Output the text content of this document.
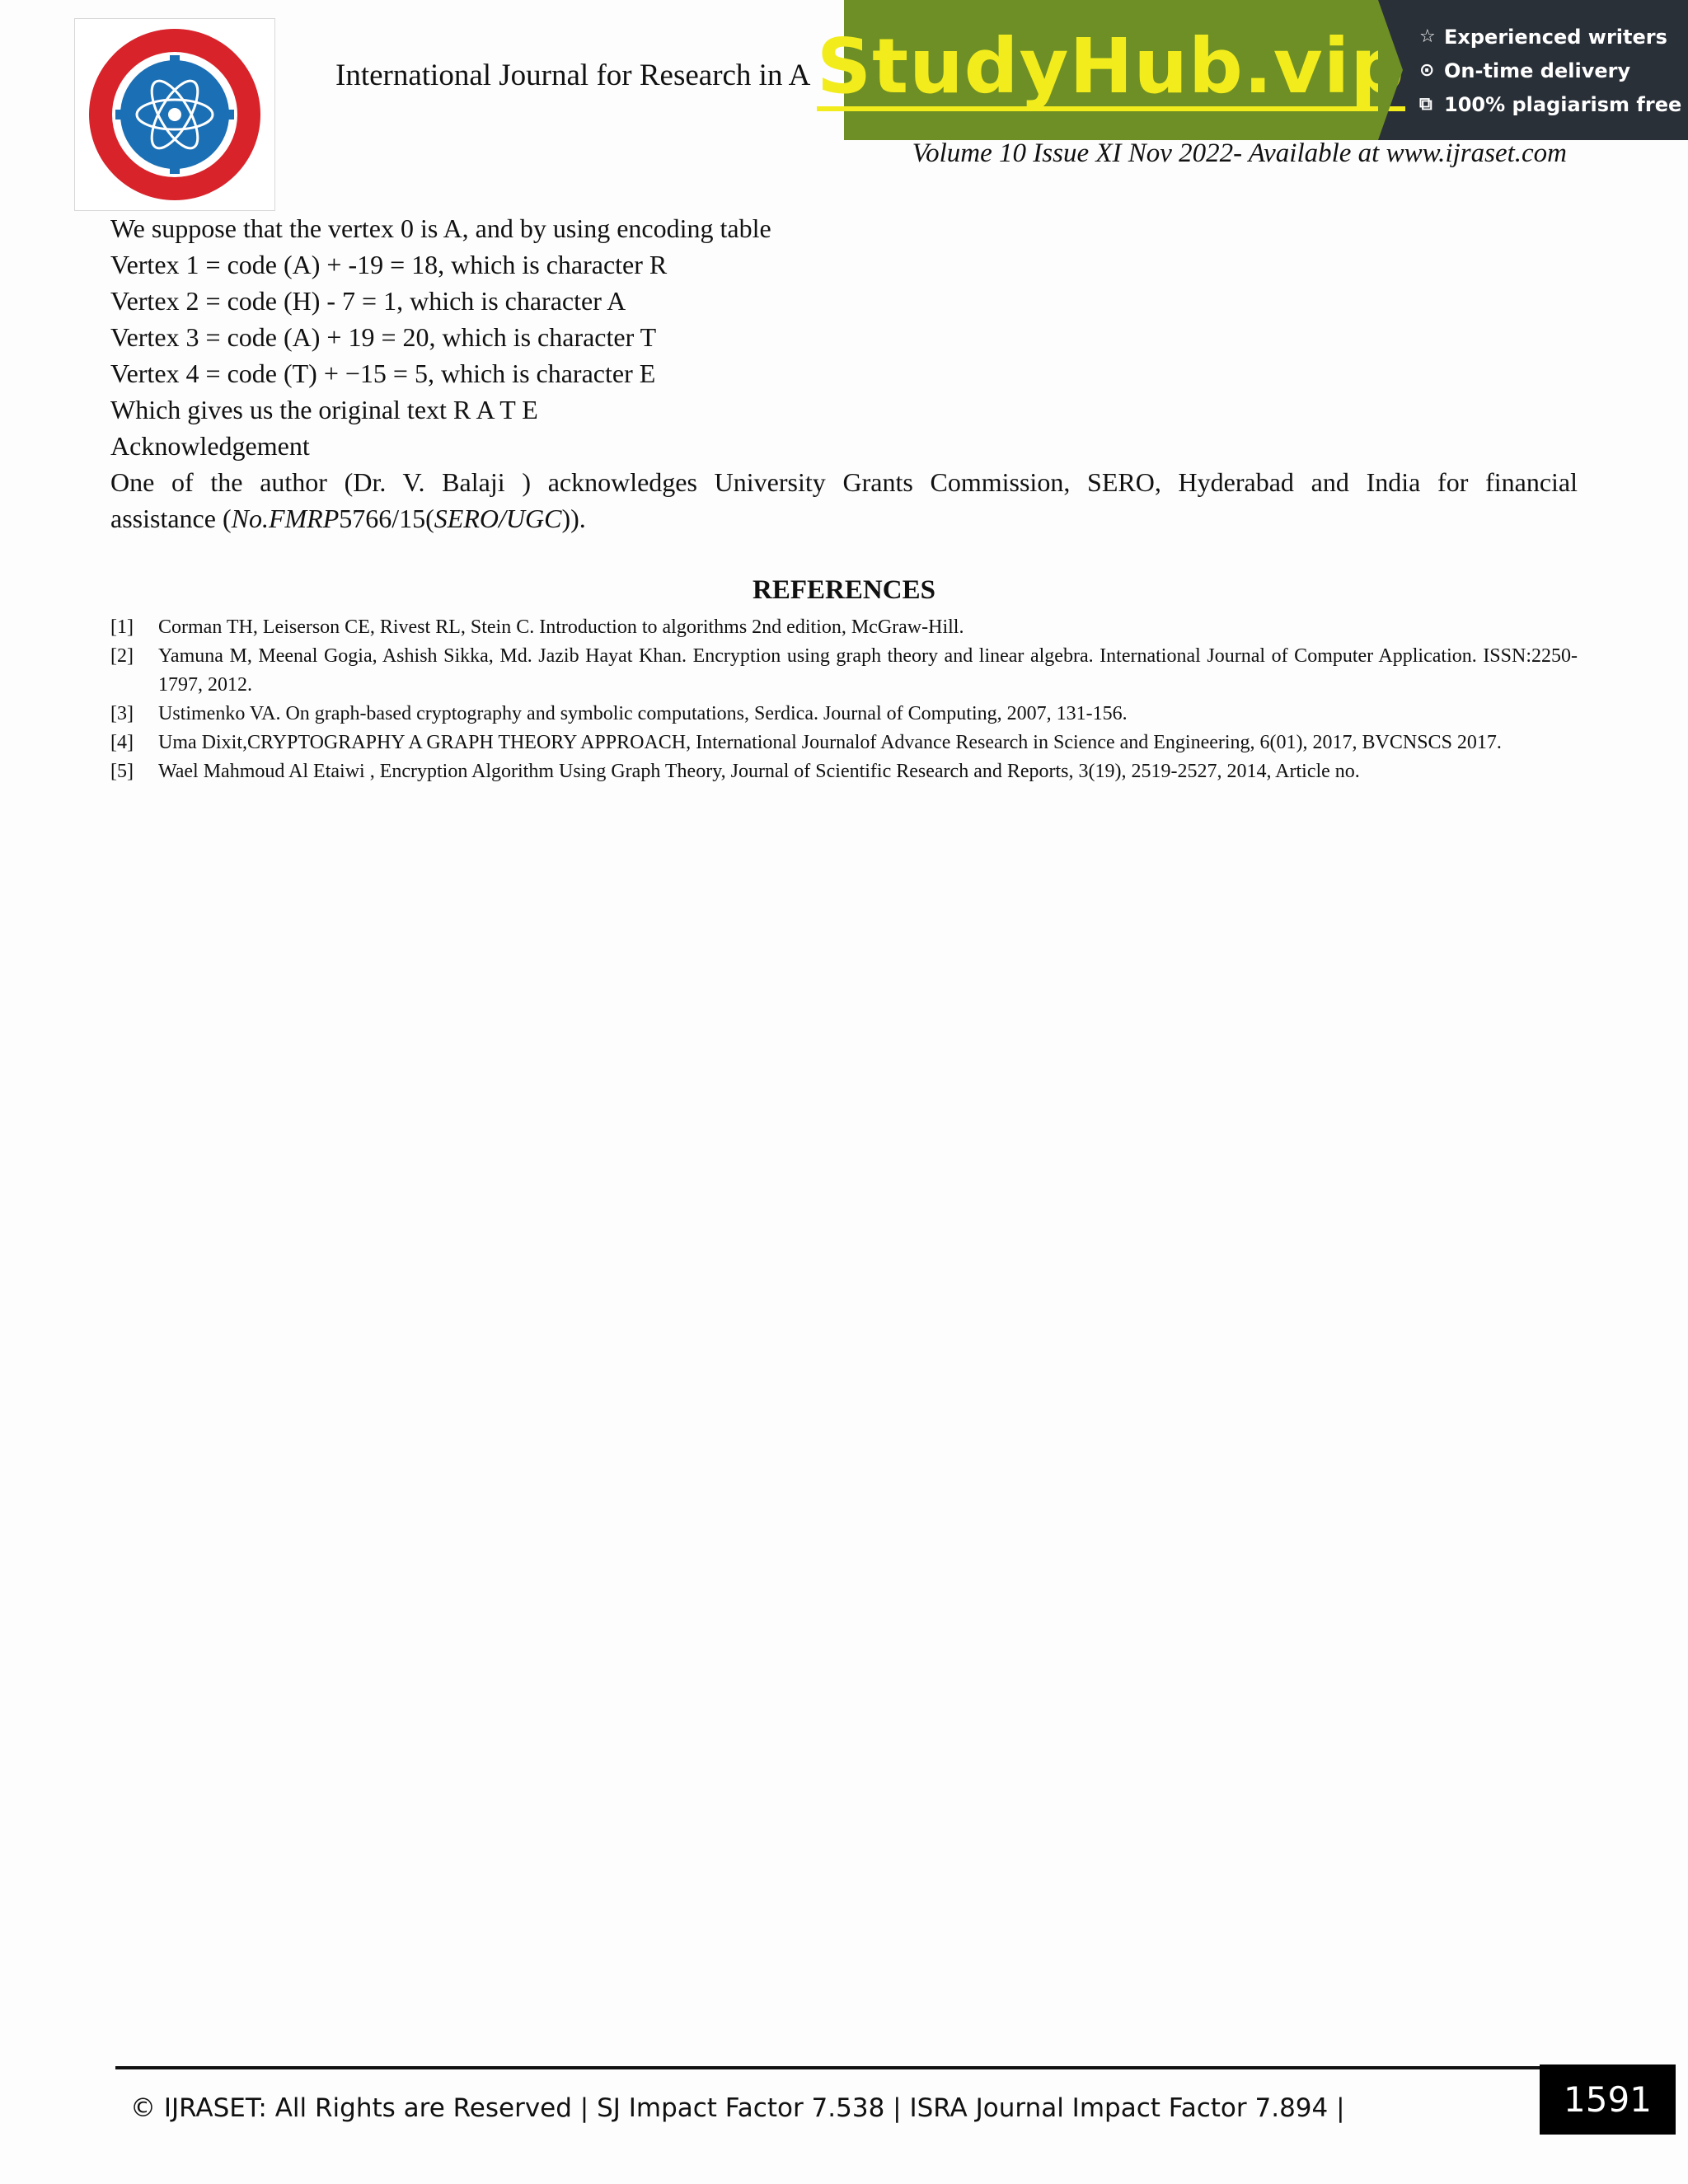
International Journal for Research in A StudyHub.vip ☆ Experienced writers
⊙ On-time delivery
⧉ 100% plagiarism free
Volume 10 Issue XI Nov 2022- Available at www.ijraset.com

We suppose that the vertex 0 is A, and by using encoding table

Vertex 1 = code (A) + -19 = 18, which is character R

Vertex 2 = code (H) - 7 = 1, which is character A

Vertex 3 = code (A) + 19 = 20, which is character T

Vertex 4 = code (T) + −15 = 5, which is character E

Which gives us the original text R A T E

Acknowledgement

One of the author (Dr. V. Balaji ) acknowledges University Grants Commission, SERO, Hyderabad and India for financial

assistance (No.FMRP5766/15(SERO/UGC)).

REFERENCES
[1]	Corman TH, Leiserson CE, Rivest RL, Stein C. Introduction to algorithms 2nd edition, McGraw-Hill.
[2]	Yamuna M, Meenal Gogia, Ashish Sikka, Md. Jazib Hayat Khan. Encryption using graph theory and linear algebra. International Journal of Computer Application. ISSN:2250-1797, 2012.
[3]	Ustimenko VA. On graph-based cryptography and symbolic computations, Serdica. Journal of Computing, 2007, 131-156.
[4]	Uma Dixit,CRYPTOGRAPHY A GRAPH THEORY APPROACH, International Journalof Advance Research in Science and Engineering, 6(01), 2017, BVCNSCS 2017.
[5]	Wael Mahmoud Al Etaiwi , Encryption Algorithm Using Graph Theory, Journal of Scientific Research and Reports, 3(19), 2519-2527, 2014, Article no.
© IJRASET: All Rights are Reserved | SJ Impact Factor 7.538 | ISRA Journal Impact Factor 7.894 |	1591
